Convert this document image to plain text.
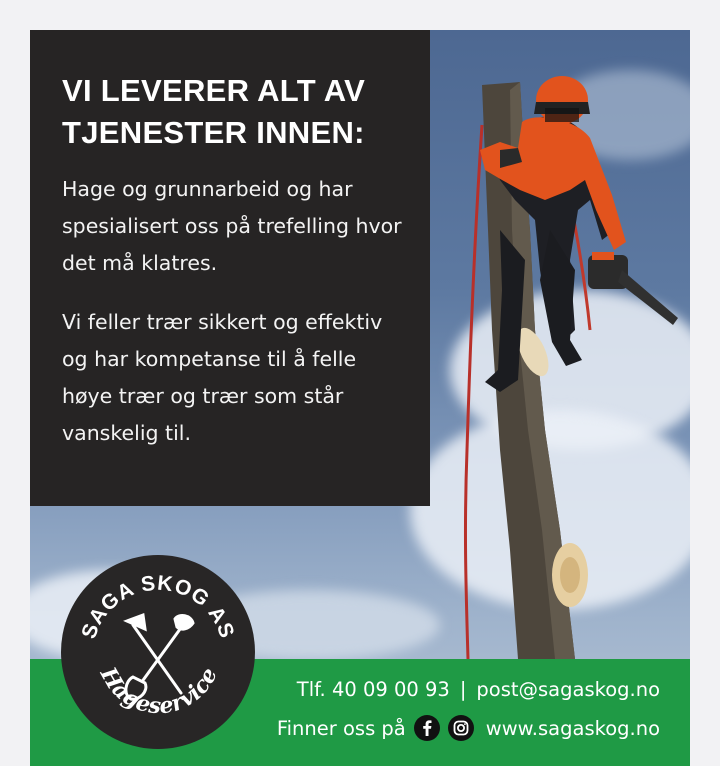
VI LEVERER ALT AV TJENESTER INNEN:

Hage og grunnarbeid og har spesialisert oss på trefelling hvor det må klatres.

Vi feller trær sikkert og effektiv og har kompetanse til å felle høye trær og trær som står vanskelig til.

Tlf. 40 09 00 93 | post@sagaskog.no
Finner oss på	www.sagaskog.no
SAGA SKOG AS
Hageservice
